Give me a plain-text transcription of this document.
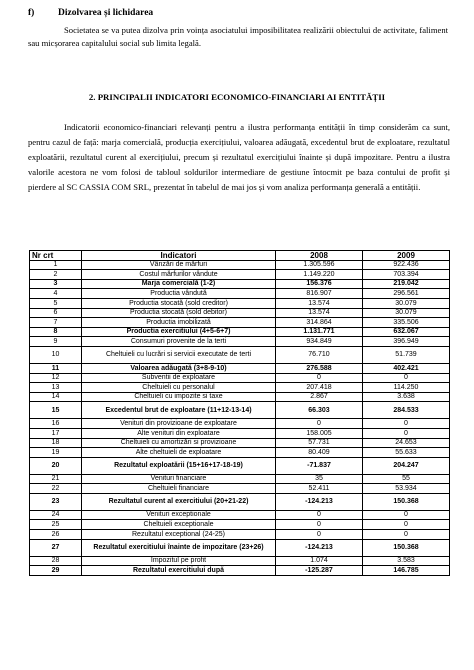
f) Dizolvarea și lichidarea
Societatea se va putea dizolva prin voința asociatului imposibilitatea realizării obiectului de activitate, faliment sau micșorarea capitalului social sub limita legală.
2. PRINCIPALII INDICATORI ECONOMICO-FINANCIARI AI ENTITĂȚII
Indicatorii economico-financiari relevanți pentru a ilustra performanța entității în timp considerăm ca sunt, pentru cazul de față: marja comercială, producția exercițiului, valoarea adăugată, excedentul brut de exploatare, rezultatul exploatării, rezultatul curent al exercițiului, precum și rezultatul exercițiului înainte și după impozitare. Pentru a ilustra valorile acestora ne vom folosi de tabloul soldurilor intermediare de gestiune întocmit pe baza contului de profit și pierdere al SC CASSIA COM SRL, prezentat în tabelul de mai jos și vom analiza performanța generală a entității.
Nr crt	Indicatori	2008	2009
1	Vânzări de mărfuri	1.305.596	922.436
2	Costul mărfurilor vândute	1.149.220	703.394
3	Marja comercială (1-2)	156.376	219.042
4	Productia vândută	816.907	296.561
5	Productia stocată (sold creditor)	13.574	30.079
6	Productia stocată (sold debitor)	13.574	30.079
7	Productia imobilizată	314.864	335.506
8	Productia exercitiului (4+5-6+7)	1.131.771	632.067
9	Consumuri provenite de la terti	934.849	396.949
10	Cheltuieli cu lucrări si servicii executate de terti	76.710	51.739
11	Valoarea adăugată (3+8-9-10)	276.588	402.421
12	Subventii de exploatare	0	0
13	Cheltuieli cu personalul	207.418	114.250
14	Cheltuieli cu impozite si taxe	2.867	3.638
15	Excedentul brut de exploatare (11+12-13-14)	66.303	284.533
16	Venituri din provizioane de exploatare	0	0
17	Alte venituri din exploatare	158.005	0
18	Cheltuieli cu amortizări si provizioane	57.731	24.653
19	Alte cheltuieli de exploatare	80.409	55.633
20	Rezultatul exploatării (15+16+17-18-19)	-71.837	204.247
21	Venituri financiare	35	55
22	Cheltuieli financiare	52.411	53.934
23	Rezultatul curent al exercitiului (20+21-22)	-124.213	150.368
24	Venituri exceptionale	0	0
25	Cheltuieli exceptionale	0	0
26	Rezultatul exceptional (24-25)	0	0
27	Rezultatul exercitiului înainte de impozitare (23+26)	-124.213	150.368
28	Impozitul pe profit	1.074	3.583
29	Rezultatul exercitiului după	-125.287	146.785
